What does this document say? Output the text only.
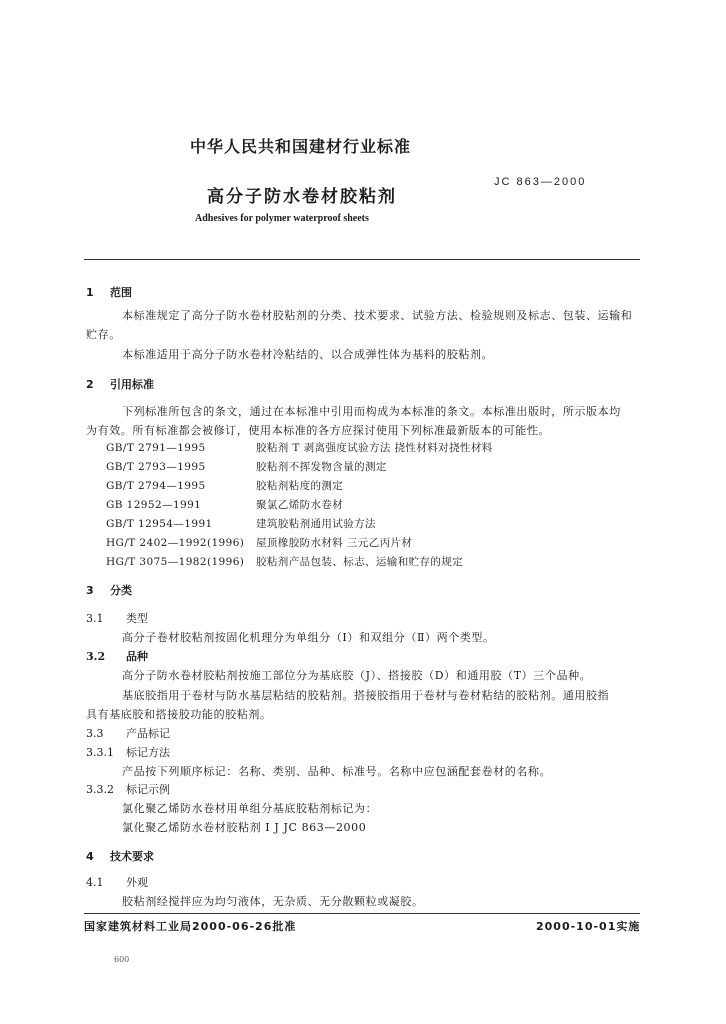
中华人民共和国建材行业标准
高分子防水卷材胶粘剂
Adhesives for polymer waterproof sheets
JC 863—2000
1 范围
本标准规定了高分子防水卷材胶粘剂的分类、技术要求、试验方法、检验规则及标志、包装、运输和
贮存。
本标准适用于高分子防水卷材冷粘结的、以合成弹性体为基料的胶粘剂。
2 引用标准
下列标准所包含的条文，通过在本标准中引用而构成为本标准的条文。本标准出版时，所示版本均
为有效。所有标准都会被修订，使用本标准的各方应探讨使用下列标准最新版本的可能性。
GB/T 2791—1995	胶粘剂 T 剥离强度试验方法 挠性材料对挠性材料
GB/T 2793—1995	胶粘剂不挥发物含量的测定
GB/T 2794—1995	胶粘剂粘度的测定
GB 12952—1991	聚氯乙烯防水卷材
GB/T 12954—1991	建筑胶粘剂通用试验方法
HG/T 2402—1992(1996) 屋顶橡胶防水材料 三元乙丙片材
HG/T 3075—1982(1996) 胶粘剂产品包装、标志、运输和贮存的规定
3 分类
3.1 类型
高分子卷材胶粘剂按固化机理分为单组分（Ⅰ）和双组分（Ⅱ）两个类型。
3.2 品种
高分子防水卷材胶粘剂按施工部位分为基底胶（J）、搭接胶（D）和通用胶（T）三个品种。
基底胶指用于卷材与防水基层粘结的胶粘剂。搭接胶指用于卷材与卷材粘结的胶粘剂。通用胶指
具有基底胶和搭接胶功能的胶粘剂。
3.3 产品标记
3.3.1 标记方法
产品按下列顺序标记：名称、类别、品种、标准号。名称中应包涵配套卷材的名称。
3.3.2 标记示例
氯化聚乙烯防水卷材用单组分基底胶粘剂标记为：
氯化聚乙烯防水卷材胶粘剂 Ⅰ J JC 863—2000
4 技术要求
4.1 外观
胶粘剂经搅拌应为均匀液体，无杂质、无分散颗粒或凝胶。
国家建筑材料工业局2000-06-26批准	2000-10-01实施
600
